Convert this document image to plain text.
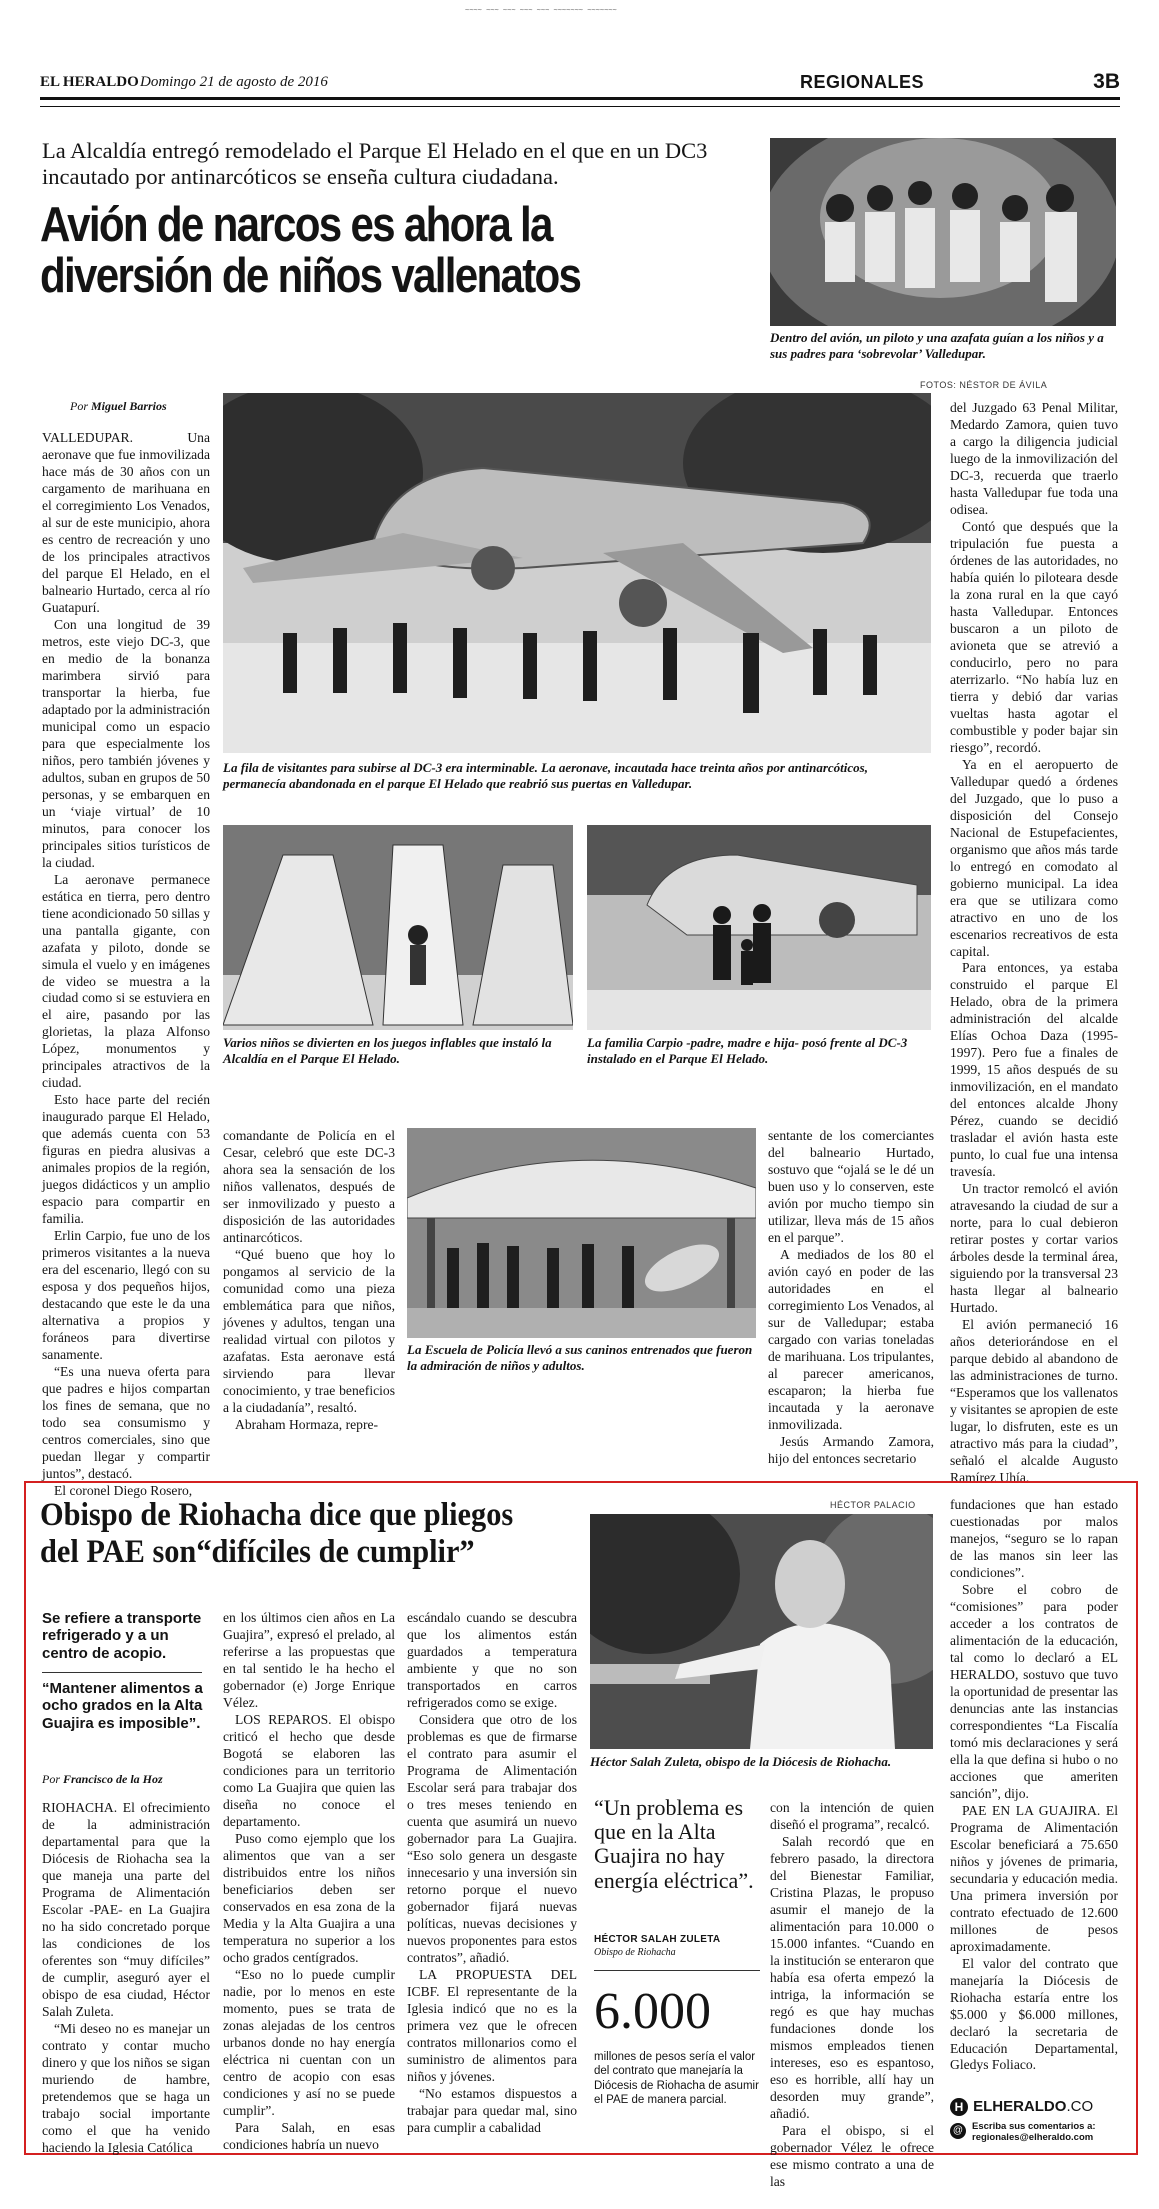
~~~~ ~~~ ~~~ ~~~ ~~~ ~~~~~~~ ~~~~~~~
EL HERALDO Domingo 21 de agosto de 2016	REGIONALES	3B
La Alcaldía entregó remodelado el Parque El Helado en el que en un DC3 incautado por antinarcóticos se enseña cultura ciudadana.
Avión de narcos es ahora la
diversión de niños vallenatos
Dentro del avión, un piloto y una azafata guían a los niños y a sus padres para ‘sobrevolar’ Valledupar.
FOTOS: NÉSTOR DE ÁVILA
Por Miguel Barrios
La fila de visitantes para subirse al DC-3 era interminable. La aeronave, incautada hace treinta años por antinarcóticos, permanecía abandonada en el parque El Helado que reabrió sus puertas en Valledupar.
Varios niños se divierten en los juegos inflables que instaló la Alcaldía en el Parque El Helado.
La familia Carpio -padre, madre e hija- posó frente al DC-3 instalado en el Parque El Helado.
La Escuela de Policía llevó a sus caninos entrenados que fueron la admiración de niños y adultos.

VALLEDUPAR. Una aeronave que fue inmovilizada hace más de 30 años con un cargamento de marihuana en el corregimiento Los Venados, al sur de este municipio, ahora es centro de recreación y uno de los principales atractivos del parque El Helado, en el balneario Hurtado, cerca al río Guatapurí.

Con una longitud de 39 metros, este viejo DC-3, que en medio de la bonanza marimbera sirvió para transportar la hierba, fue adaptado por la administración municipal como un espacio para que especialmente los niños, pero también jóvenes y adultos, suban en grupos de 50 personas, y se embarquen en un ‘viaje virtual’ de 10 minutos, para conocer los principales sitios turísticos de la ciudad.

La aeronave permanece estática en tierra, pero dentro tiene acondicionado 50 sillas y una pantalla gigante, con azafata y piloto, donde se simula el vuelo y en imágenes de video se muestra a la ciudad como si se estuviera en el aire, pasando por las glorietas, la plaza Alfonso López, monumentos y principales atractivos de la ciudad.

Esto hace parte del recién inaugurado parque El Helado, que además cuenta con 53 figuras en piedra alusivas a animales propios de la región, juegos didácticos y un amplio espacio para compartir en familia.

Erlin Carpio, fue uno de los primeros visitantes a la nueva era del escenario, llegó con su esposa y dos pequeños hijos, destacando que este le da una alternativa a propios y foráneos para divertirse sanamente.

“Es una nueva oferta para que padres e hijos compartan los fines de semana, que no todo sea consumismo y centros comerciales, sino que puedan llegar y compartir juntos”, destacó.

El coronel Diego Rosero,

comandante de Policía en el Cesar, celebró que este DC-3 ahora sea la sensación de los niños vallenatos, después de ser inmovilizado y puesto a disposición de las autoridades antinarcóticos.

“Qué bueno que hoy lo pongamos al servicio de la comunidad como una pieza emblemática para que niños, jóvenes y adultos, tengan una realidad virtual con pilotos y azafatas. Esta aeronave está sirviendo para llevar conocimiento, y trae beneficios a la ciudadanía”, resaltó.

Abraham Hormaza, repre-

sentante de los comerciantes del balneario Hurtado, sostuvo que “ojalá se le dé un buen uso y lo conserven, este avión por mucho tiempo sin utilizar, lleva más de 15 años en el parque”.

A mediados de los 80 el avión cayó en poder de las autoridades en el corregimiento Los Venados, al sur de Valledupar; estaba cargado con varias toneladas de marihuana. Los tripulantes, al parecer americanos, escaparon; la hierba fue incautada y la aeronave inmovilizada.

Jesús Armando Zamora, hijo del entonces secretario

del Juzgado 63 Penal Militar, Medardo Zamora, quien tuvo a cargo la diligencia judicial luego de la inmovilización del DC-3, recuerda que traerlo hasta Valledupar fue toda una odisea.

Contó que después que la tripulación fue puesta a órdenes de las autoridades, no había quién lo piloteara desde la zona rural en la que cayó hasta Valledupar. Entonces buscaron a un piloto de avioneta que se atrevió a conducirlo, pero no para aterrizarlo. “No había luz en tierra y debió dar varias vueltas hasta agotar el combustible y poder bajar sin riesgo”, recordó.

Ya en el aeropuerto de Valledupar quedó a órdenes del Juzgado, que lo puso a disposición del Consejo Nacional de Estupefacientes, organismo que años más tarde lo entregó en comodato al gobierno municipal. La idea era que se utilizara como atractivo en uno de los escenarios recreativos de esta capital.

Para entonces, ya estaba construido el parque El Helado, obra de la primera administración del alcalde Elías Ochoa Daza (1995-1997). Pero fue a finales de 1999, 15 años después de su inmovilización, en el mandato del entonces alcalde Jhony Pérez, cuando se decidió trasladar el avión hasta este punto, lo cual fue una intensa travesía.

Un tractor remolcó el avión atravesando la ciudad de sur a norte, para lo cual debieron retirar postes y cortar varios árboles desde la terminal área, siguiendo por la transversal 23 hasta llegar al balneario Hurtado.

El avión permaneció 16 años deteriorándose en el parque debido al abandono de las administraciones de turno. “Esperamos que los vallenatos y visitantes se apropien de este lugar, lo disfruten, este es un atractivo más para la ciudad”, señaló el alcalde Augusto Ramírez Uhía.

Obispo de Riohacha dice que pliegos
del PAE son“difíciles de cumplir”
Se refiere a transporte refrigerado y a un centro de acopio.
“Mantener alimentos a ocho grados en la Alta Guajira es imposible”.
Por Francisco de la Hoz
HÉCTOR PALACIO
Héctor Salah Zuleta, obispo de la Diócesis de Riohacha.
“Un problema es que en la Alta Guajira no hay energía eléctrica”.
HÉCTOR SALAH ZULETA
Obispo de Riohacha
6.000
millones de pesos sería el valor del contrato que manejaría la Diócesis de Riohacha de asumir el PAE de manera parcial.

RIOHACHA. El ofrecimiento de la administración departamental para que la Diócesis de Riohacha sea la que maneja una parte del Programa de Alimentación Escolar -PAE- en La Guajira no ha sido concretado porque las condiciones de los oferentes son “muy difíciles” de cumplir, aseguró ayer el obispo de esa ciudad, Héctor Salah Zuleta.

“Mi deseo no es manejar un contrato y contar mucho dinero y que los niños se sigan muriendo de hambre, pretendemos que se haga un trabajo social importante como el que ha venido haciendo la Iglesia Católica

en los últimos cien años en La Guajira”, expresó el prelado, al referirse a las propuestas que en tal sentido le ha hecho el gobernador (e) Jorge Enrique Vélez.

LOS REPAROS. El obispo criticó el hecho que desde Bogotá se elaboren las condiciones para un territorio como La Guajira que quien las diseña no conoce el departamento.

Puso como ejemplo que los alimentos que van a ser distribuidos entre los niños beneficiarios deben ser conservados en esa zona de la Media y la Alta Guajira a una temperatura no superior a los ocho grados centígrados.

“Eso no lo puede cumplir nadie, por lo menos en este momento, pues se trata de zonas alejadas de los centros urbanos donde no hay energía eléctrica ni cuentan con un centro de acopio con esas condiciones y así no se puede cumplir”.

Para Salah, en esas condiciones habría un nuevo

escándalo cuando se descubra que los alimentos están guardados a temperatura ambiente y que no son transportados en carros refrigerados como se exige.

Considera que otro de los problemas es que de firmarse el contrato para asumir el Programa de Alimentación Escolar será para trabajar dos o tres meses teniendo en cuenta que asumirá un nuevo gobernador para La Guajira. “Eso solo genera un desgaste innecesario y una inversión sin retorno porque el nuevo gobernador fijará nuevas políticas, nuevas decisiones y nuevos proponentes para estos contratos”, añadió.

LA PROPUESTA DEL ICBF. El representante de la Iglesia indicó que no es la primera vez que le ofrecen contratos millonarios como el suministro de alimentos para niños y jóvenes.

“No estamos dispuestos a trabajar para quedar mal, sino para cumplir a cabalidad

con la intención de quien diseñó el programa”, recalcó.

Salah recordó que en febrero pasado, la directora del Bienestar Familiar, Cristina Plazas, le propuso asumir el manejo de la alimentación para 10.000 o 15.000 infantes. “Cuando en la institución se enteraron que había esa oferta empezó la intriga, la información se regó es que hay muchas fundaciones donde los mismos empleados tienen intereses, eso es espantoso, eso es horrible, allí hay un desorden muy grande”, añadió.

Para el obispo, si el gobernador Vélez le ofrece ese mismo contrato a una de las

fundaciones que han estado cuestionadas por malos manejos, “seguro se lo rapan de las manos sin leer las condiciones”.

Sobre el cobro de “comisiones” para poder acceder a los contratos de alimentación de la educación, tal como lo declaró a EL HERALDO, sostuvo que tuvo la oportunidad de presentar las denuncias ante las instancias correspondientes “La Fiscalía tomó mis declaraciones y será ella la que defina si hubo o no acciones que ameriten sanción”, dijo.

PAE EN LA GUAJIRA. El Programa de Alimentación Escolar beneficiará a 75.650 niños y jóvenes de primaria, secundaria y educación media. Una primera inversión por contrato efectuado de 12.600 millones de pesos aproximadamente.

El valor del contrato que manejaría la Diócesis de Riohacha estaría entre los $5.000 y $6.000 millones, declaró la secretaria de Educación Departamental, Gledys Foliaco.

H ELHERALDO.CO
@ Escriba sus comentarios a:
regionales@elheraldo.com
